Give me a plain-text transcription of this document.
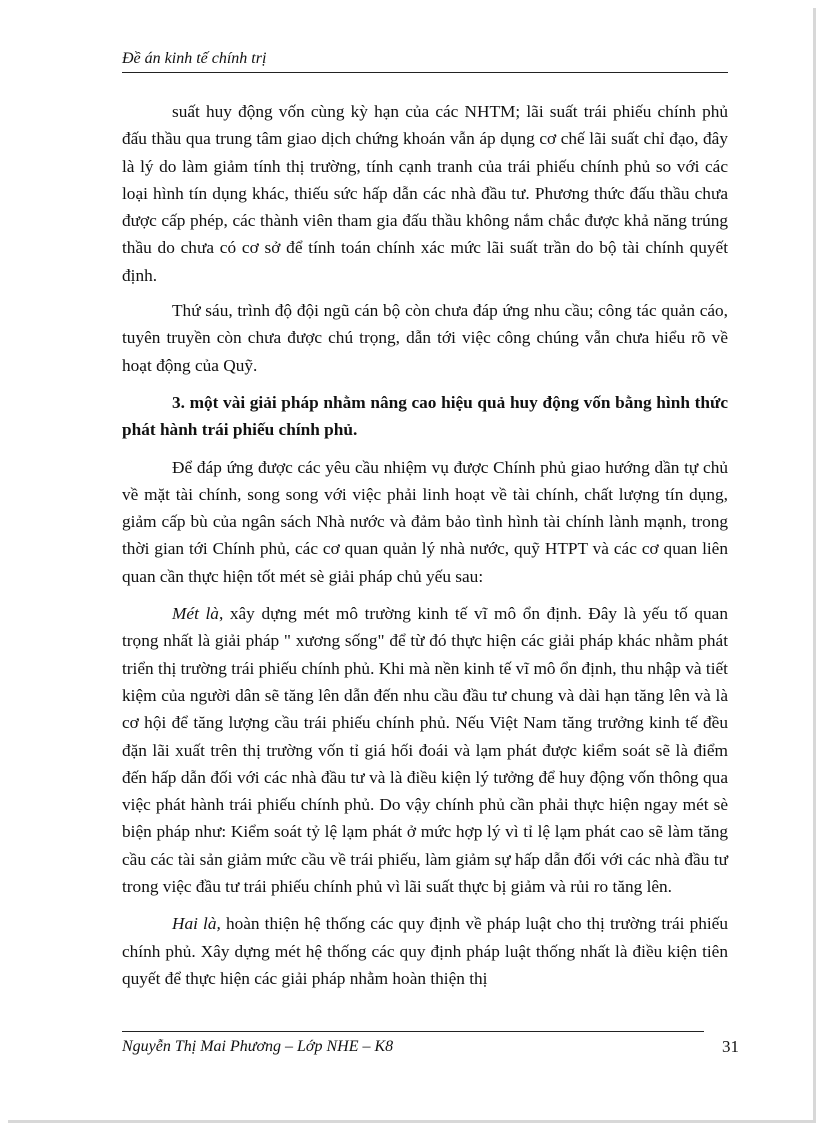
Đề án kinh tế chính trị

suất huy động vốn cùng kỳ hạn của các NHTM; lãi suất trái phiếu chính phủ đấu thầu qua trung tâm giao dịch chứng khoán vẫn áp dụng cơ chế lãi suất chỉ đạo, đây là lý do làm giảm tính thị trường, tính cạnh tranh của trái phiếu chính phủ so với các loại hình tín dụng khác, thiếu sức hấp dẫn các nhà đầu tư. Phương thức đấu thầu chưa được cấp phép, các thành viên tham gia đấu thầu không nắm chắc được khả năng trúng thầu do chưa có cơ sở để tính toán chính xác mức lãi suất trần do bộ tài chính quyết định.

Thứ sáu, trình độ đội ngũ cán bộ còn chưa đáp ứng nhu cầu; công tác quản cáo, tuyên truyền còn chưa được chú trọng, dẫn tới việc công chúng vẫn chưa hiểu rõ về hoạt động của Quỹ.

3. một vài giải pháp nhằm nâng cao hiệu quả huy động vốn bằng hình thức phát hành trái phiếu chính phủ.

Để đáp ứng được các yêu cầu nhiệm vụ được Chính phủ giao hướng dần tự chủ về mặt tài chính, song song với việc phải linh hoạt về tài chính, chất lượng tín dụng, giảm cấp bù của ngân sách Nhà nước và đảm bảo tình hình tài chính lành mạnh, trong thời gian tới Chính phủ, các cơ quan quản lý nhà nước, quỹ HTPT và các cơ quan liên quan cần thực hiện tốt mét sè giải pháp chủ yếu sau:

Mét là, xây dựng mét mô trường kinh tế vĩ mô ổn định. Đây là yếu tố quan trọng nhất là giải pháp " xương sống" để từ đó thực hiện các giải pháp khác nhằm phát triển thị trường trái phiếu chính phủ. Khi mà nền kinh tế vĩ mô ổn định, thu nhập và tiết kiệm của người dân sẽ tăng lên dẫn đến nhu cầu đầu tư chung và dài hạn tăng lên và là cơ hội để tăng lượng cầu trái phiếu chính phủ. Nếu Việt Nam tăng trưởng kinh tế đều đặn lãi xuất trên thị trường vốn tỉ giá hối đoái và lạm phát được kiểm soát sẽ là điểm đến hấp dẫn đối với các nhà đầu tư và là điều kiện lý tưởng để huy động vốn thông qua việc phát hành trái phiếu chính phủ. Do vậy chính phủ cần phải thực hiện ngay mét sè biện pháp như: Kiểm soát tỷ lệ lạm phát ở mức hợp lý vì tỉ lệ lạm phát cao sẽ làm tăng cầu các tài sản giảm mức cầu về trái phiếu, làm giảm sự hấp dẫn đối với các nhà đầu tư trong việc đầu tư trái phiếu chính phủ vì lãi suất thực bị giảm và rủi ro tăng lên.

Hai là, hoàn thiện hệ thống các quy định về pháp luật cho thị trường trái phiếu chính phủ. Xây dựng mét hệ thống các quy định pháp luật thống nhất là điều kiện tiên quyết để thực hiện các giải pháp nhằm hoàn thiện thị

Nguyễn Thị Mai Phương – Lớp NHE – K8	31
